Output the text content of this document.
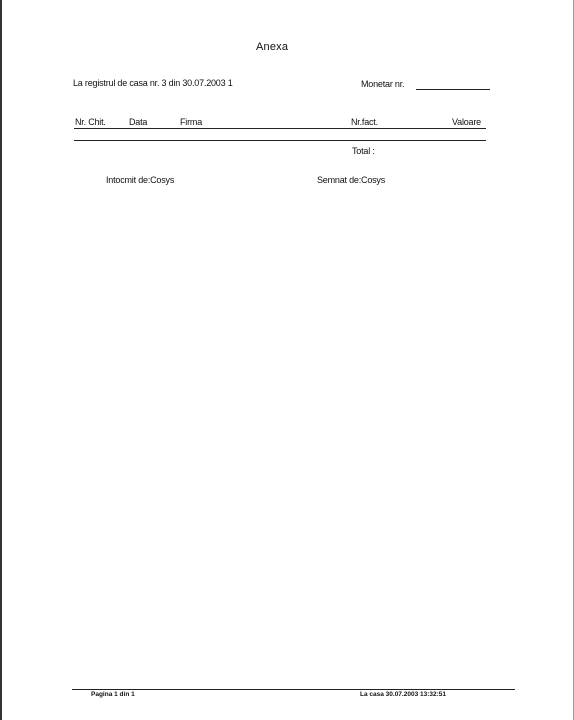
Anexa
La registrul de casa nr. 3 din 30.07.2003 1	Monetar nr.
Nr. Chit.	Data	Firma	Nr.fact.	Valoare
Total :
Intocmit de:Cosys	Semnat de:Cosys
Pagina 1 din 1	La casa 30.07.2003 13:32:51
